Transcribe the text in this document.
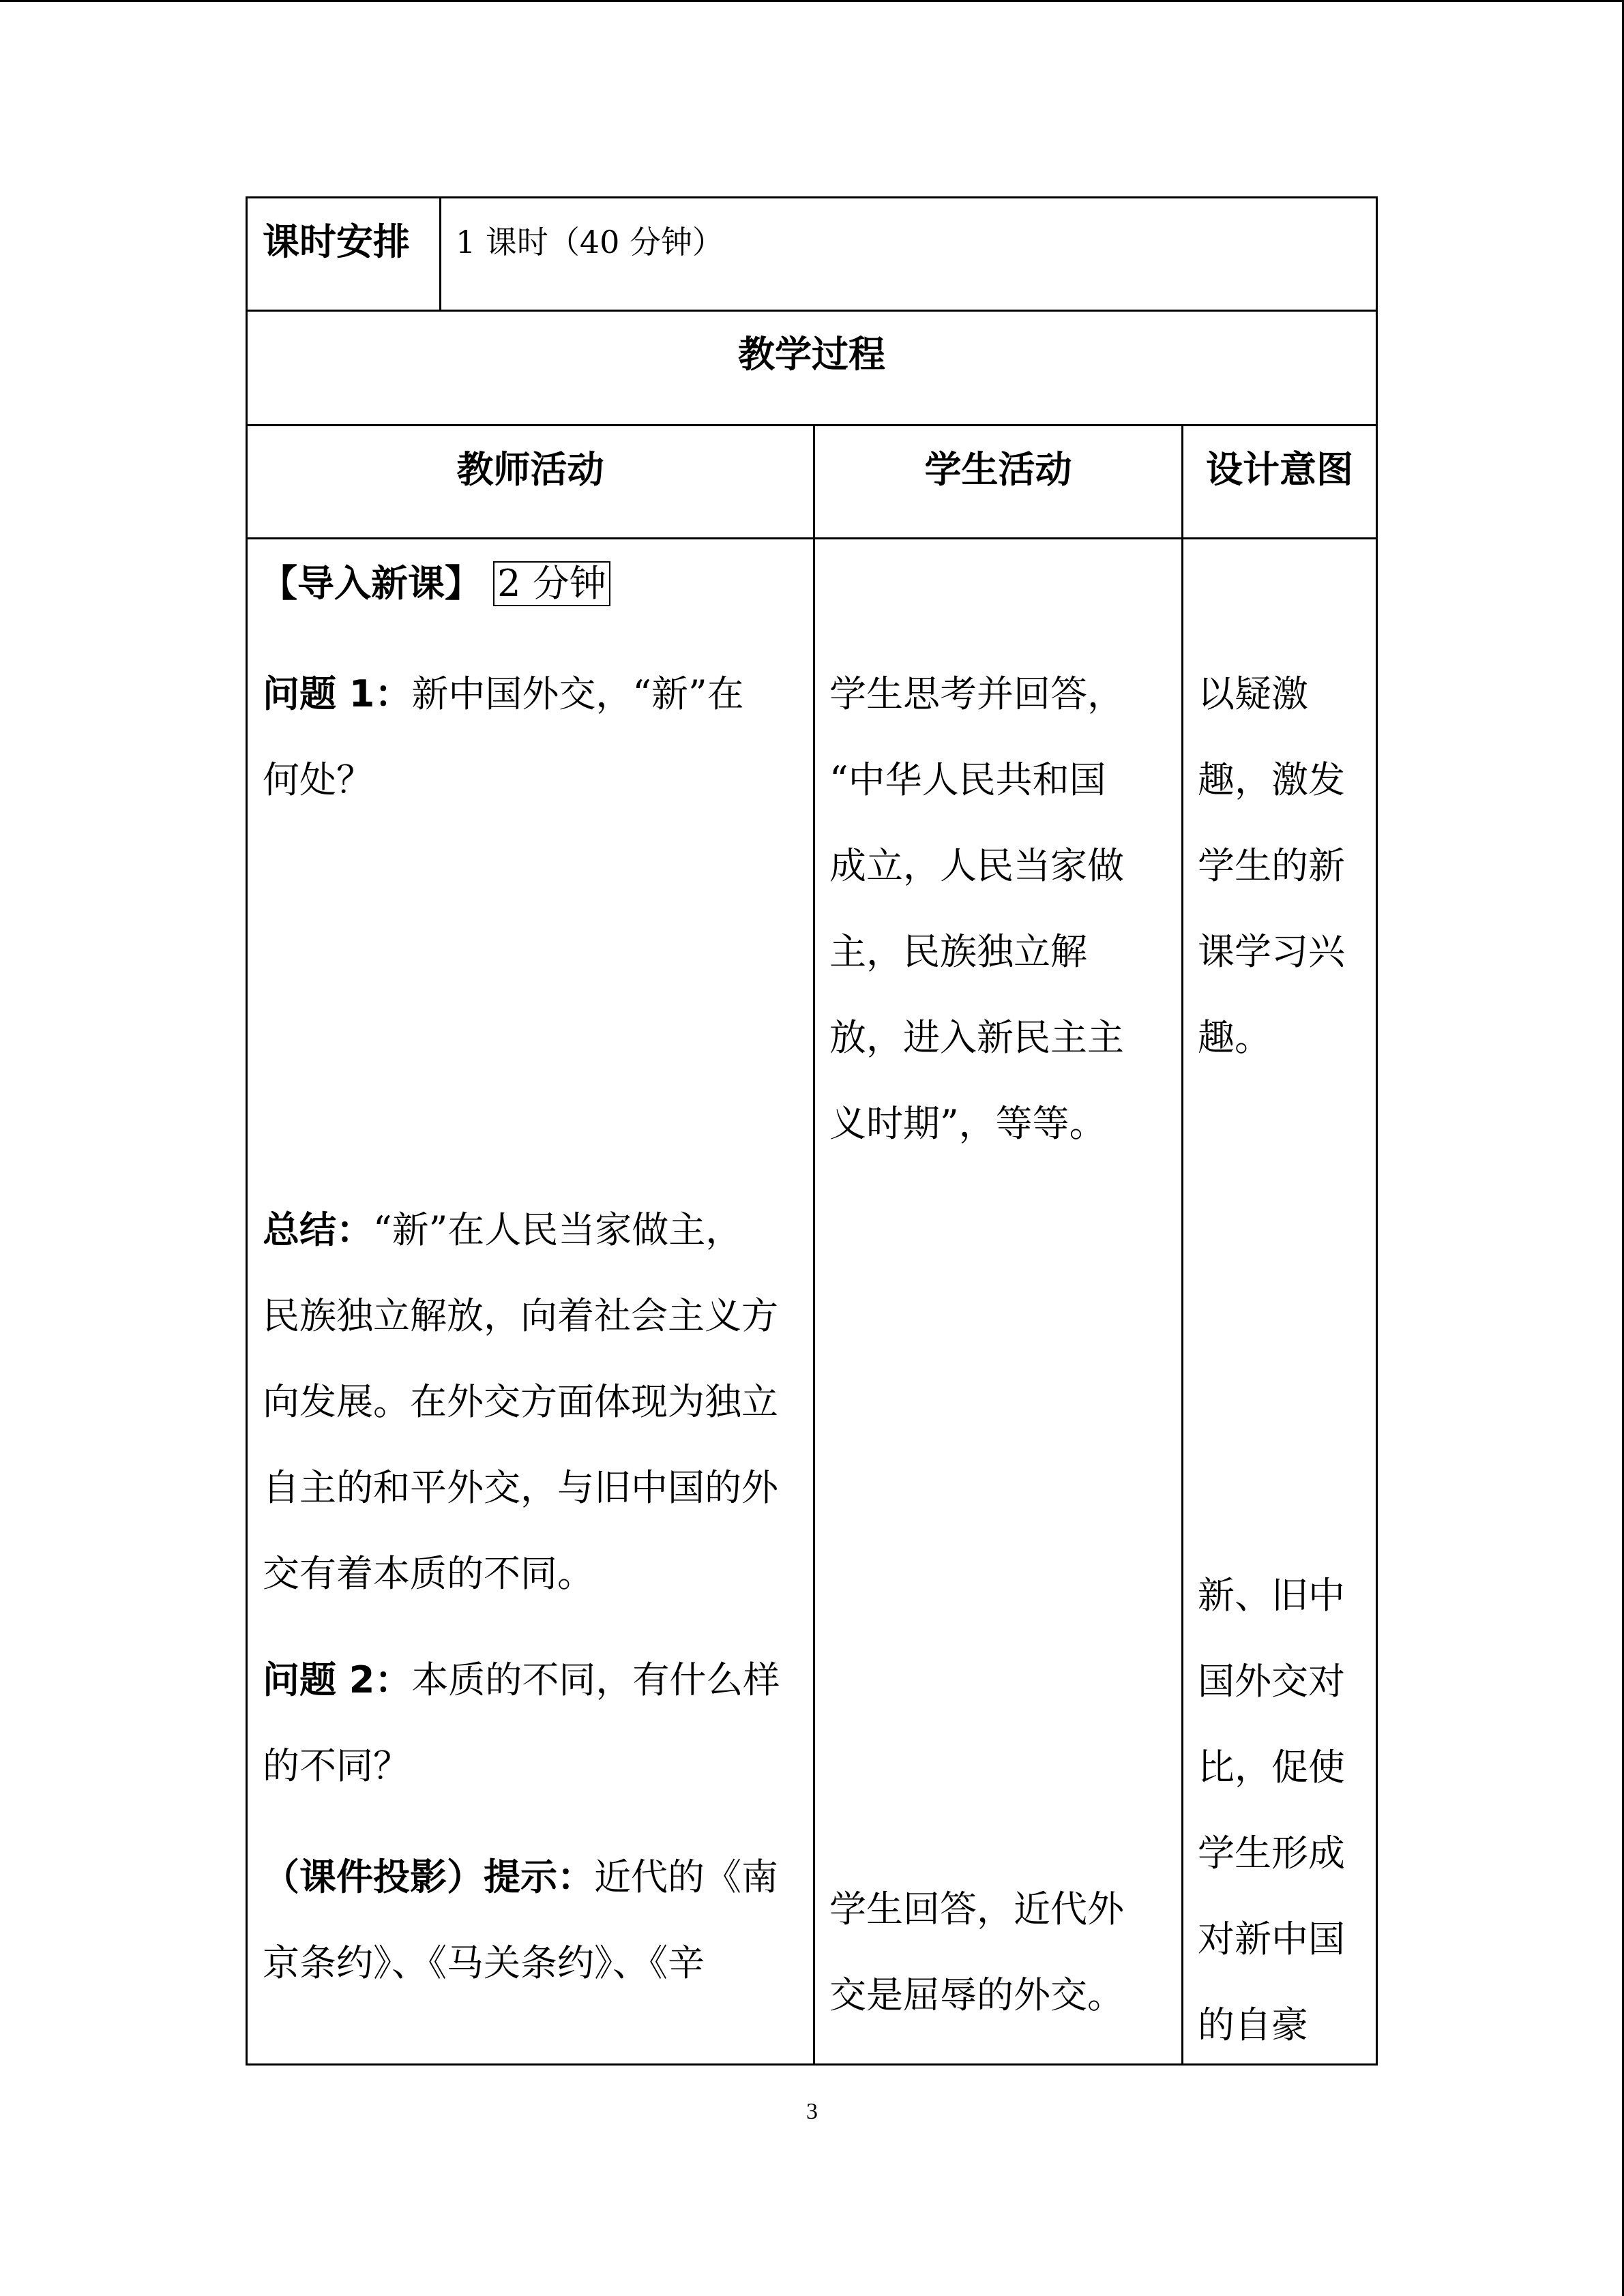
课时安排 1 课时（40 分钟）
教学过程
教师活动	学生活动	设计意图
【导入新课】 2 分钟
问题 1：新中国外交，“新”在
何处？
总结：“新”在人民当家做主，
民族独立解放，向着社会主义方
向发展。在外交方面体现为独立
自主的和平外交，与旧中国的外
交有着本质的不同。
问题 2：本质的不同，有什么样
的不同？
（课件投影）提示：近代的《南
京条约》、《马关条约》、《辛
学生思考并回答，
“中华人民共和国
成立，人民当家做
主，民族独立解
放，进入新民主主
义时期”，等等。
学生回答，近代外
交是屈辱的外交。
以疑激
趣，激发
学生的新
课学习兴
趣。
新、旧中
国外交对
比，促使
学生形成
对新中国
的自豪
3
